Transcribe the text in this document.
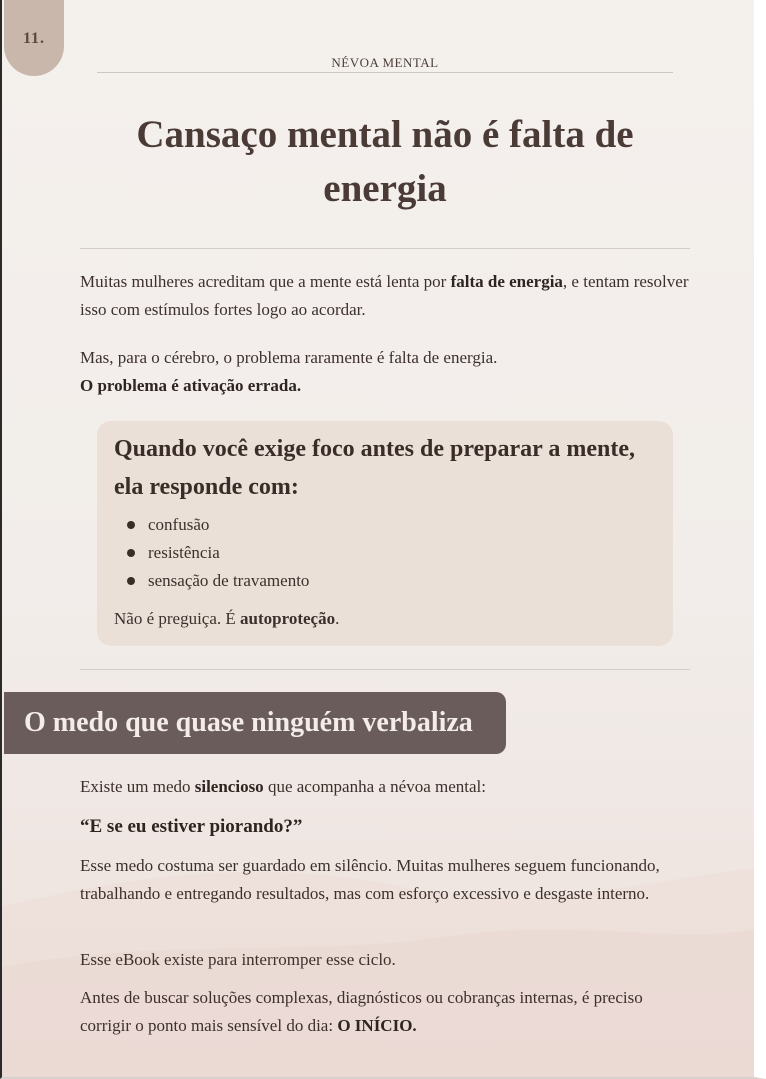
11.
NÉVOA MENTAL
Cansaço mental não é falta de energia

Muitas mulheres acreditam que a mente está lenta por falta de energia, e tentam resolver isso com estímulos fortes logo ao acordar.

Mas, para o cérebro, o problema raramente é falta de energia.
O problema é ativação errada.

Quando você exige foco antes de preparar a mente, ela responde com:
confusão
resistência
sensação de travamento

Não é preguiça. É autoproteção.

O medo que quase ninguém verbaliza

Existe um medo silencioso que acompanha a névoa mental:

“E se eu estiver piorando?”

Esse medo costuma ser guardado em silêncio. Muitas mulheres seguem funcionando, trabalhando e entregando resultados, mas com esforço excessivo e desgaste interno.

Esse eBook existe para interromper esse ciclo.

Antes de buscar soluções complexas, diagnósticos ou cobranças internas, é preciso corrigir o ponto mais sensível do dia: O INÍCIO.
